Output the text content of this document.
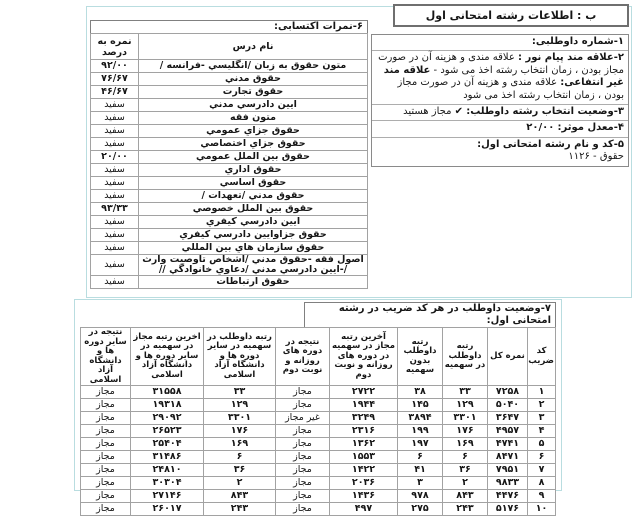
ب : اطلاعات رشته امتحانی اول
۱-شماره داوطلبی:
۲-علاقه مند پیام نور : علاقه مندی و هزینه آن در صورت مجاز بودن ، زمان انتخاب رشته اخذ می شود - علاقه مند غیر انتفاعی: علاقه مندی و هزینه آن در صورت مجاز بودن ، زمان انتخاب رشته اخذ می شود
۳-وضعیت انتخاب رشته داوطلب: ✔ مجاز هستید
۴-معدل موثر: ۲۰/۰۰
۵-کد و نام رشته امتحانی اول:
۱۱۲۶ - حقوق
۶-نمرات اکتسابی:
نام درس	نمره به درصد
متون حقوق به زبان /انگلیسي -فرانسه /	۹۲/۰۰
حقوق مدني	۷۶/۶۷
حقوق تجارت	۴۶/۶۷
ایین دادرسي مدني	سفید
متون فقه	سفید
حقوق جزاي عمومي	سفید
حقوق جزاي اختصاصي	سفید
حقوق بین الملل عمومي	۲۰/۰۰
حقوق اداري	سفید
حقوق اساسي	سفید
حقوق مدني /تعهدات /	سفید
حقوق بین الملل خصوصي	۹۳/۳۳
ایین دادرسي کیفري	سفید
حقوق جزاوایین دادرسي کیفري	سفید
حقوق سازمان هاي بین المللي	سفید
اصول فقه -حقوق مدني /اشخاص تاوصیت وارث /-ایین دادرسي مدني /دعاوي خانوادگي //	سفید
حقوق ارتباطات	سفید
۷-وضعیت داوطلب در هر کد ضریب در رشته امتحانی اول:
کد ضریب	نمره کل	رتبه داوطلب در سهمیه	رتبه داوطلب بدون سهمیه	آخرین رتبه مجاز در سهمیه در دوره های روزانه و نوبت دوم	نتیجه در دوره های روزانه و نوبت دوم	رتبه داوطلب در سهمیه در سایر دوره ها و دانشگاه آزاد اسلامی	اخرین رتبه مجاز در سهمیه در سایر دوره ها و دانشگاه آزاد اسلامی	نتیجه در سایر دوره ها و دانشگاه آزاد اسلامی
۱	۷۲۵۸	۳۳	۳۸	۲۷۲۲	مجاز	۳۳	۳۱۵۵۸	مجاز
۲	۵۰۴۰	۱۲۹	۱۴۵	۱۹۴۴	مجاز	۱۲۹	۱۹۳۱۸	مجاز
۳	۳۶۴۷	۳۳۰۱	۳۸۹۴	۳۲۴۹	غیر مجاز	۳۳۰۱	۲۹۰۹۲	مجاز
۴	۴۹۵۷	۱۷۶	۱۹۹	۲۳۱۶	مجاز	۱۷۶	۲۶۵۲۳	مجاز
۵	۴۷۴۱	۱۶۹	۱۹۷	۱۳۶۲	مجاز	۱۶۹	۲۵۴۰۴	مجاز
۶	۸۴۷۱	۶	۶	۱۵۵۳	مجاز	۶	۳۱۴۸۶	مجاز
۷	۷۹۵۱	۳۶	۴۱	۱۴۲۲	مجاز	۳۶	۲۴۸۱۰	مجاز
۸	۹۸۳۳	۲	۳	۲۰۳۶	مجاز	۲	۳۰۳۰۴	مجاز
۹	۴۴۷۶	۸۴۳	۹۷۸	۱۴۳۶	مجاز	۸۴۳	۲۷۱۴۶	مجاز
۱۰	۵۱۷۶	۲۴۳	۲۷۵	۴۹۷	مجاز	۲۴۳	۲۶۰۱۷	مجاز
